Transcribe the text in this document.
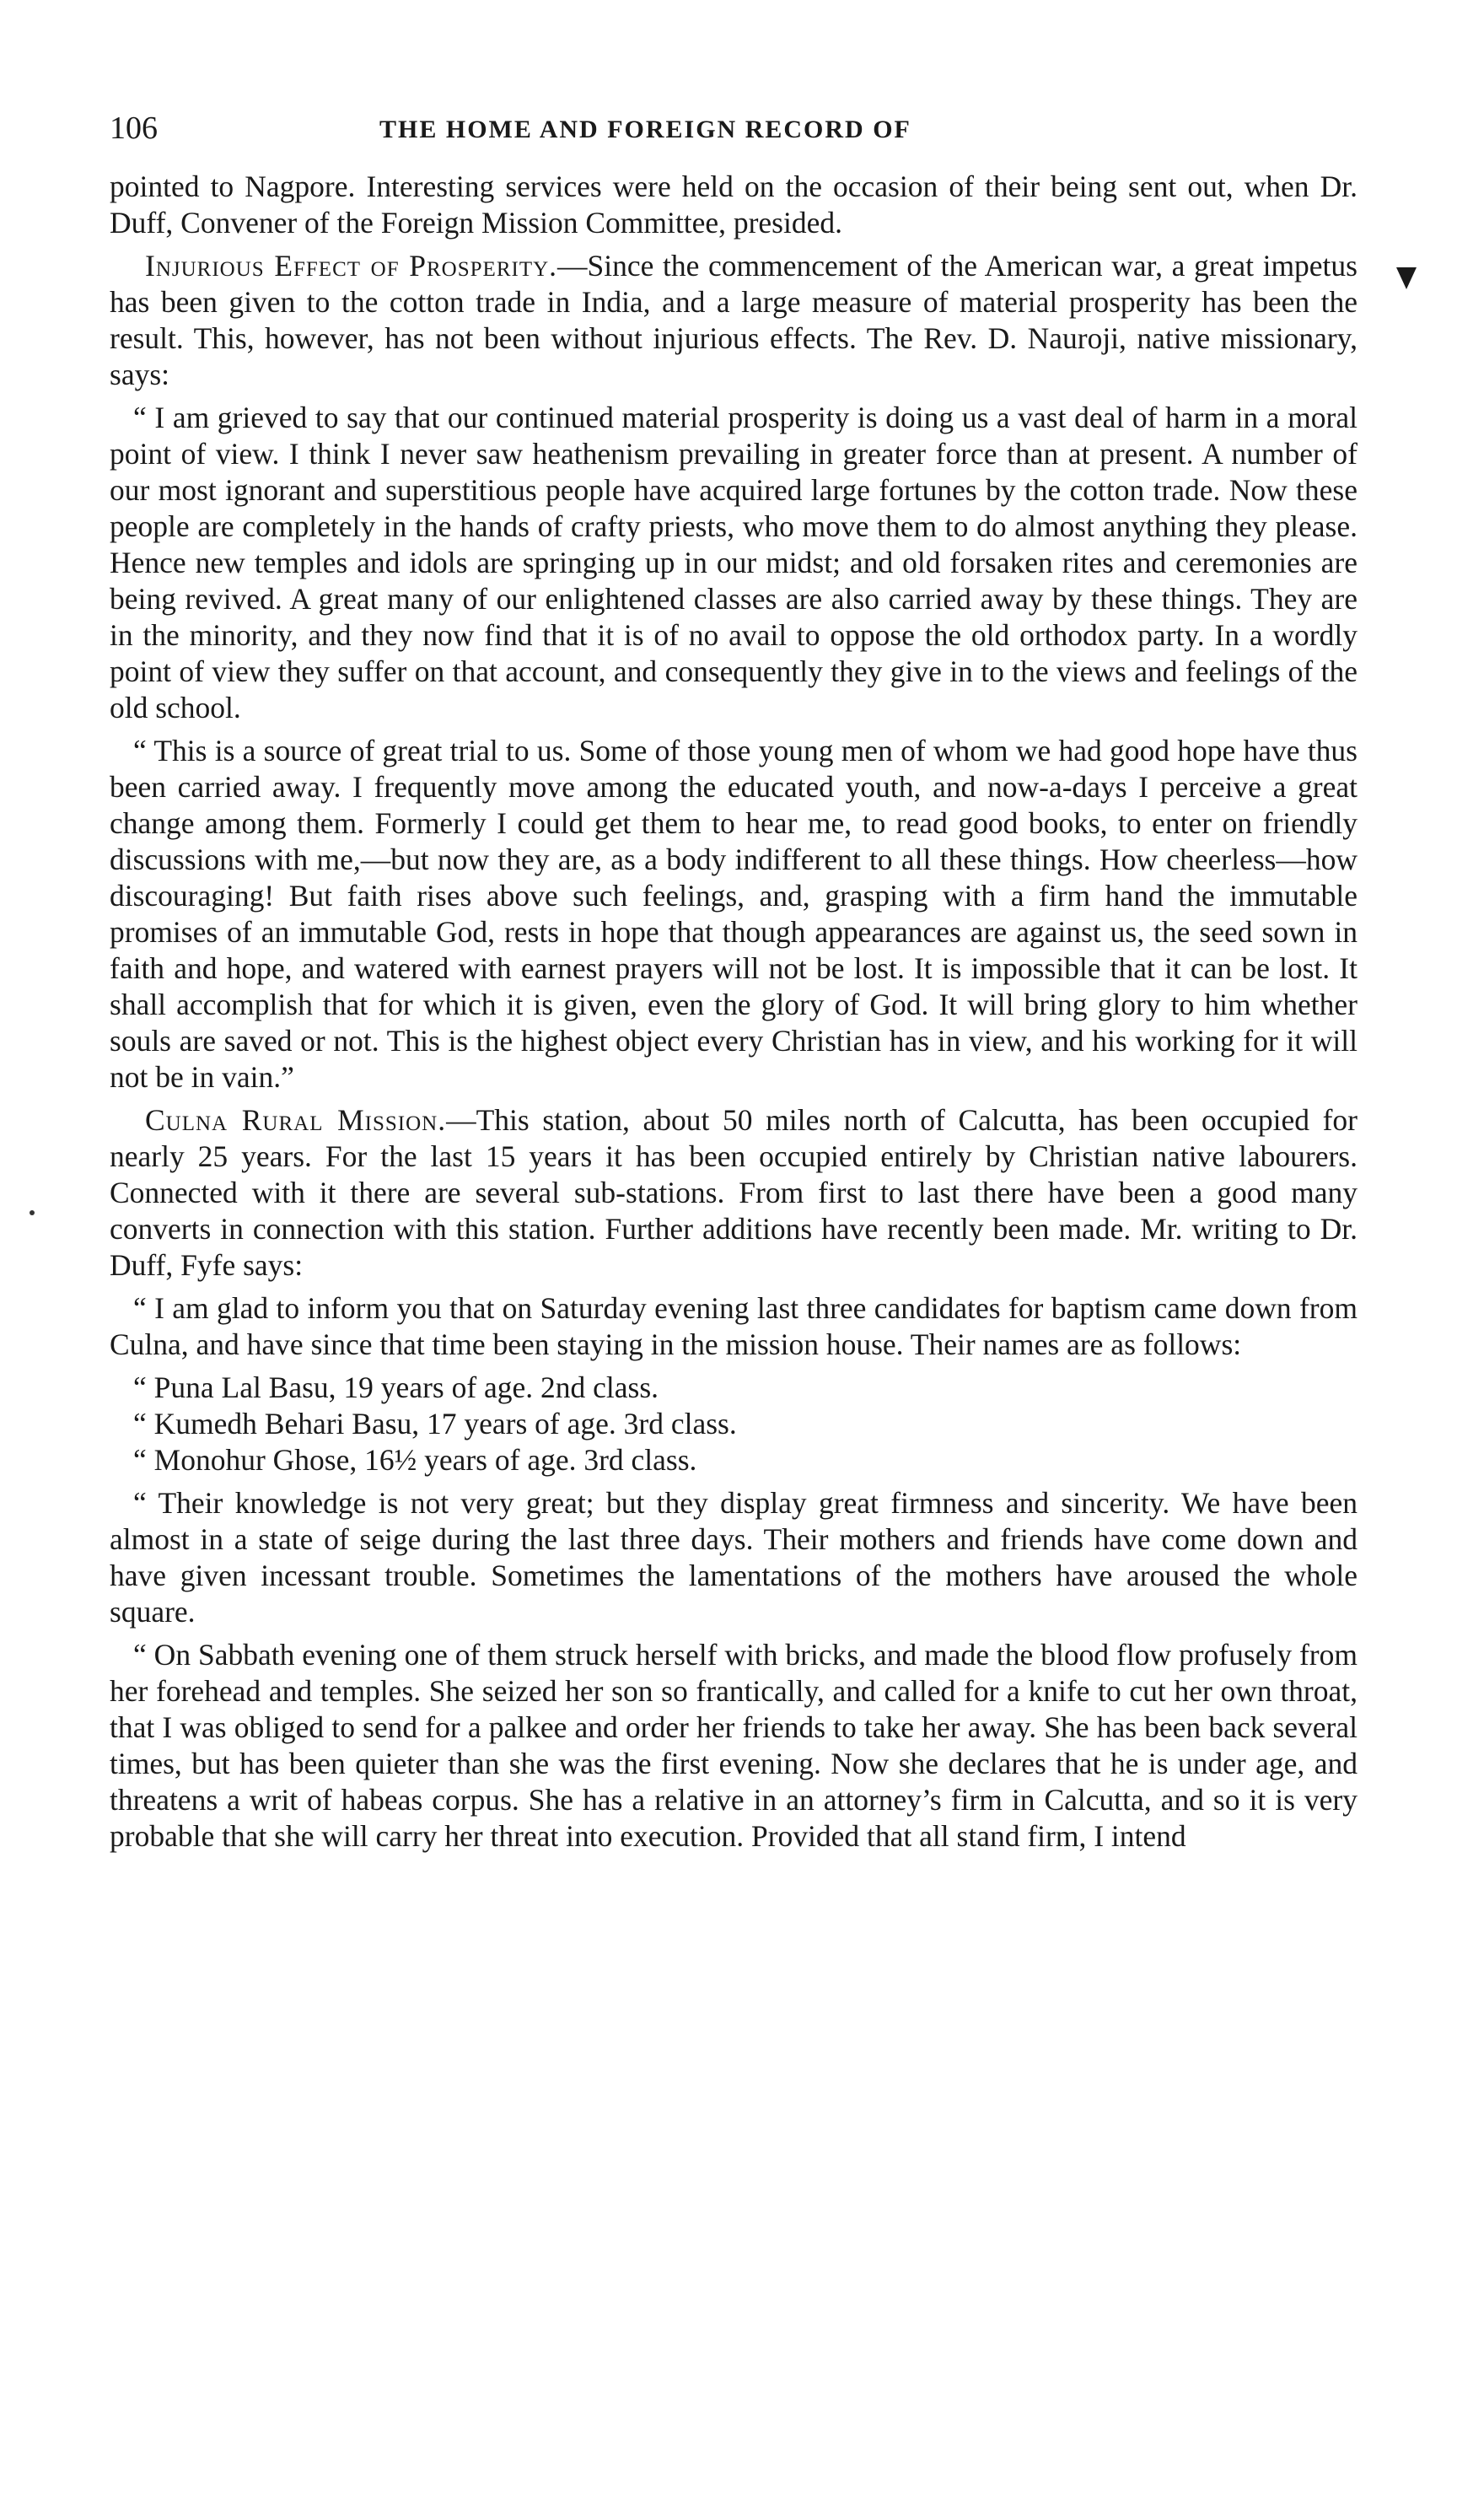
106	THE HOME AND FOREIGN RECORD OF

pointed to Nagpore. Interesting services were held on the occasion of their being sent out, when Dr. Duff, Convener of the Foreign Mission Committee, presided.

Injurious Effect of Prosperity.—Since the commencement of the American war, a great impetus has been given to the cotton trade in India, and a large measure of material prosperity has been the result. This, however, has not been without injurious effects. The Rev. D. Nauroji, native missionary, says:

“ I am grieved to say that our continued material prosperity is doing us a vast deal of harm in a moral point of view. I think I never saw heathenism prevailing in greater force than at present. A number of our most ignorant and superstitious people have acquired large fortunes by the cotton trade. Now these people are completely in the hands of crafty priests, who move them to do almost anything they please. Hence new temples and idols are springing up in our midst; and old forsaken rites and ceremonies are being revived. A great many of our enlightened classes are also carried away by these things. They are in the minority, and they now find that it is of no avail to oppose the old orthodox party. In a wordly point of view they suffer on that account, and consequently they give in to the views and feelings of the old school.

“ This is a source of great trial to us. Some of those young men of whom we had good hope have thus been carried away. I frequently move among the educated youth, and now-a-days I perceive a great change among them. Formerly I could get them to hear me, to read good books, to enter on friendly discussions with me,—but now they are, as a body indifferent to all these things. How cheerless—how discouraging! But faith rises above such feelings, and, grasping with a firm hand the immutable promises of an immutable God, rests in hope that though appearances are against us, the seed sown in faith and hope, and watered with earnest prayers will not be lost. It is impossible that it can be lost. It shall accomplish that for which it is given, even the glory of God. It will bring glory to him whether souls are saved or not. This is the highest object every Christian has in view, and his working for it will not be in vain.”

Culna Rural Mission.—This station, about 50 miles north of Calcutta, has been occupied for nearly 25 years. For the last 15 years it has been occupied entirely by Christian native labourers. Connected with it there are several sub-stations. From first to last there have been a good many converts in connection with this station. Further additions have recently been made. Mr. writing to Dr. Duff, Fyfe says:

“ I am glad to inform you that on Saturday evening last three candidates for baptism came down from Culna, and have since that time been staying in the mission house. Their names are as follows:

“ Puna Lal Basu, 19 years of age. 2nd class.

“ Kumedh Behari Basu, 17 years of age. 3rd class.

“ Monohur Ghose, 16½ years of age. 3rd class.

“ Their knowledge is not very great; but they display great firmness and sincerity. We have been almost in a state of seige during the last three days. Their mothers and friends have come down and have given incessant trouble. Sometimes the lamentations of the mothers have aroused the whole square.

“ On Sabbath evening one of them struck herself with bricks, and made the blood flow profusely from her forehead and temples. She seized her son so frantically, and called for a knife to cut her own throat, that I was obliged to send for a palkee and order her friends to take her away. She has been back several times, but has been quieter than she was the first evening. Now she declares that he is under age, and threatens a writ of habeas corpus. She has a relative in an attorney’s firm in Calcutta, and so it is very probable that she will carry her threat into execution. Provided that all stand firm, I intend
